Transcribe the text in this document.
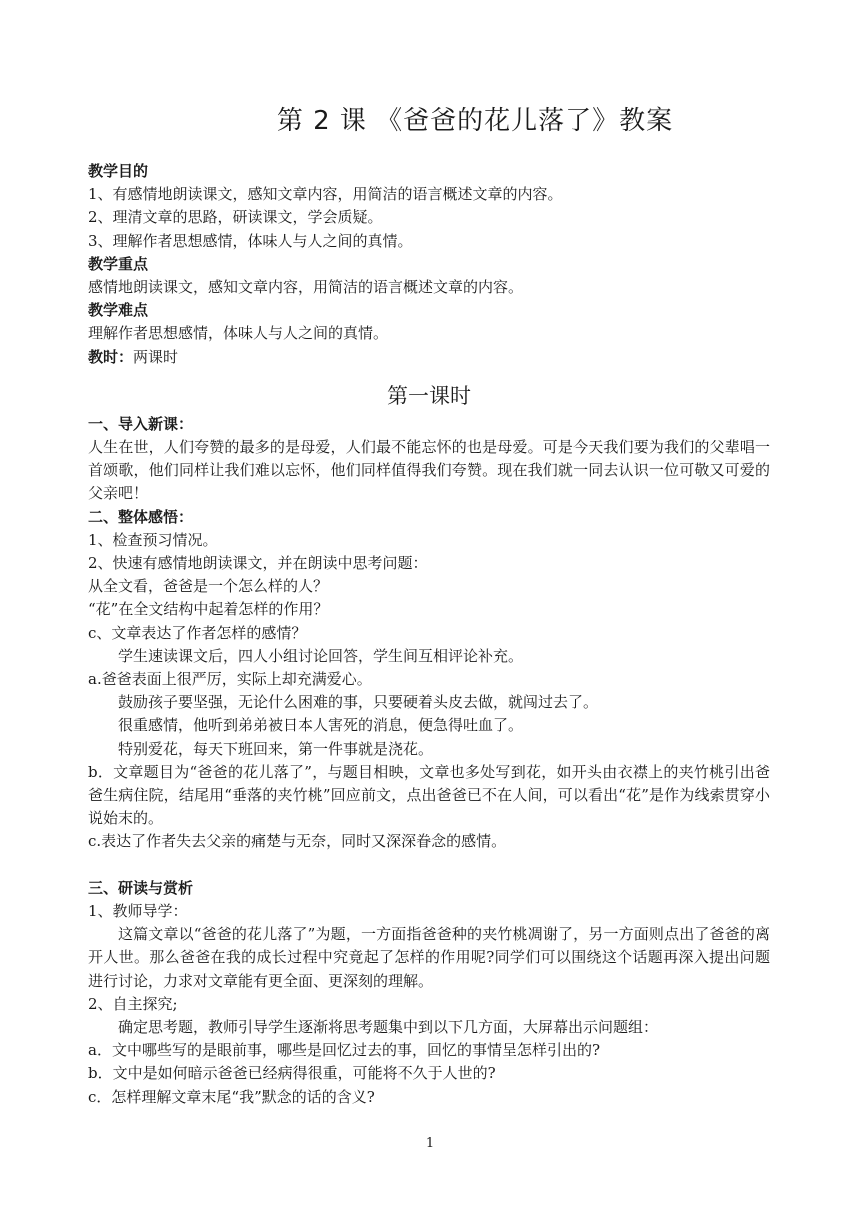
第 2 课 《爸爸的花儿落了》教案

教学目的

1、有感情地朗读课文，感知文章内容，用简洁的语言概述文章的内容。

2、理清文章的思路，研读课文，学会质疑。

3、理解作者思想感情，体味人与人之间的真情。

教学重点

感情地朗读课文，感知文章内容，用简洁的语言概述文章的内容。

教学难点

理解作者思想感情，体味人与人之间的真情。

教时：两课时

第一课时

一、导入新课：

人生在世，人们夸赞的最多的是母爱，人们最不能忘怀的也是母爱。可是今天我们要为我们的父辈唱一首颂歌，他们同样让我们难以忘怀，他们同样值得我们夸赞。现在我们就一同去认识一位可敬又可爱的父亲吧！

二、整体感悟：

1、检查预习情况。

2、快速有感情地朗读课文，并在朗读中思考问题：

从全文看，爸爸是一个怎么样的人？

“花”在全文结构中起着怎样的作用？

c、文章表达了作者怎样的感情？

学生速读课文后，四人小组讨论回答，学生间互相评论补充。

a.爸爸表面上很严厉，实际上却充满爱心。

鼓励孩子要坚强，无论什么困难的事，只要硬着头皮去做，就闯过去了。

很重感情，他听到弟弟被日本人害死的消息，便急得吐血了。

特别爱花，每天下班回来，第一件事就是浇花。

b．文章题目为“爸爸的花儿落了”，与题目相映，文章也多处写到花，如开头由衣襟上的夹竹桃引出爸爸生病住院，结尾用“垂落的夹竹桃”回应前文，点出爸爸已不在人间，可以看出“花”是作为线索贯穿小说始末的。

c.表达了作者失去父亲的痛楚与无奈，同时又深深眷念的感情。

三、研读与赏析

1、教师导学：

这篇文章以“爸爸的花儿落了”为题，一方面指爸爸种的夹竹桃凋谢了，另一方面则点出了爸爸的离开人世。那么爸爸在我的成长过程中究竟起了怎样的作用呢?同学们可以围绕这个话题再深入提出问题进行讨论，力求对文章能有更全面、更深刻的理解。

2、自主探究;

确定思考题，教师引导学生逐渐将思考题集中到以下几方面，大屏幕出示问题组：

a．文中哪些写的是眼前事，哪些是回忆过去的事，回忆的事情呈怎样引出的?

b．文中是如何暗示爸爸已经病得很重，可能将不久于人世的?

c．怎样理解文章末尾“我”默念的话的含义?

1
